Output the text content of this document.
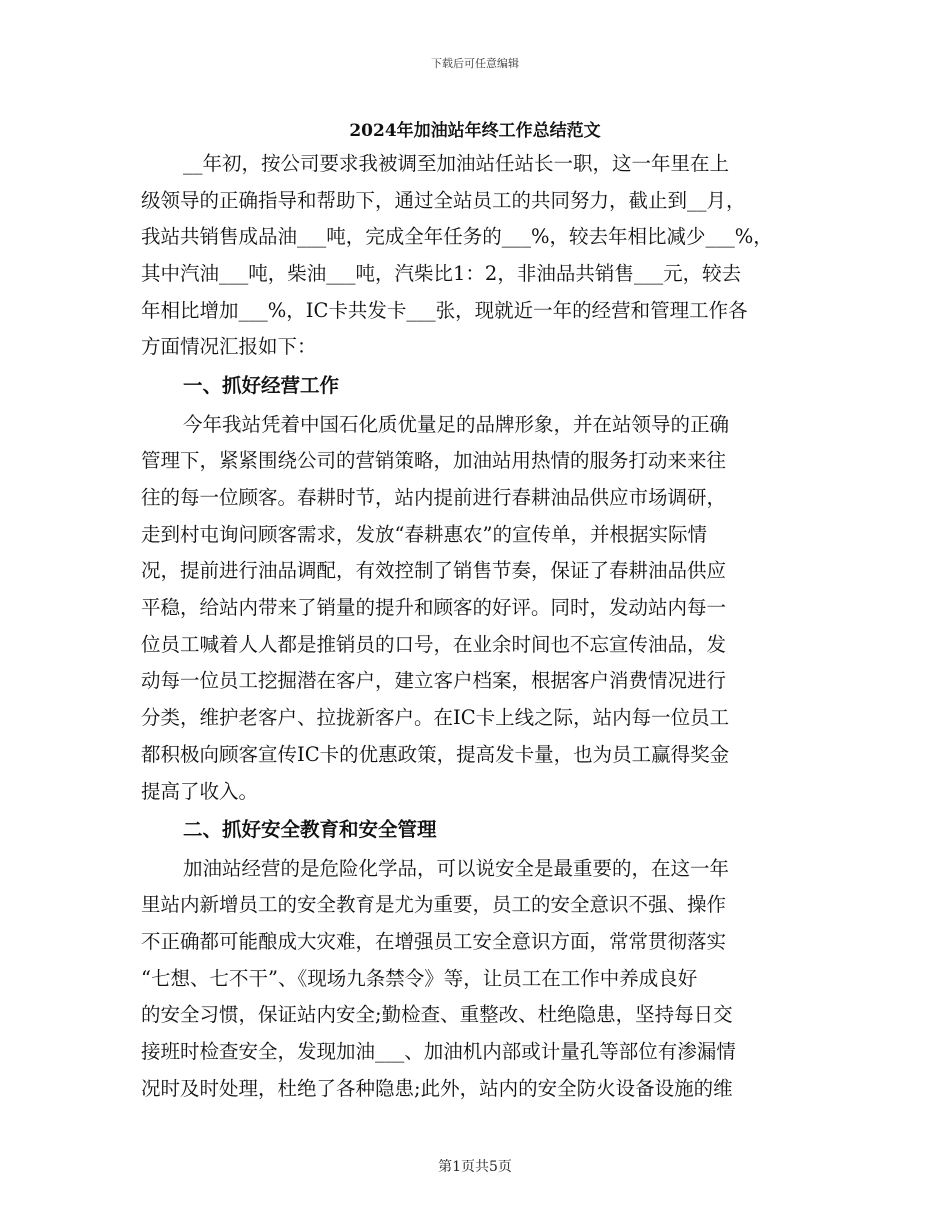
下载后可任意编辑
2024年加油站年终工作总结范文
__年初，按公司要求我被调至加油站任站长一职，这一年里在上
级领导的正确指导和帮助下，通过全站员工的共同努力，截止到__月，
我站共销售成品油___吨，完成全年任务的___%，较去年相比减少___%，
其中汽油___吨，柴油___吨，汽柴比1：2，非油品共销售___元，较去
年相比增加___%，IC卡共发卡___张，现就近一年的经营和管理工作各
方面情况汇报如下：
一、抓好经营工作
今年我站凭着中国石化质优量足的品牌形象，并在站领导的正确
管理下，紧紧围绕公司的营销策略，加油站用热情的服务打动来来往
往的每一位顾客。春耕时节，站内提前进行春耕油品供应市场调研，
走到村屯询问顾客需求，发放“春耕惠农”的宣传单，并根据实际情
况，提前进行油品调配，有效控制了销售节奏，保证了春耕油品供应
平稳，给站内带来了销量的提升和顾客的好评。同时，发动站内每一
位员工喊着人人都是推销员的口号，在业余时间也不忘宣传油品，发
动每一位员工挖掘潜在客户，建立客户档案，根据客户消费情况进行
分类，维护老客户、拉拢新客户。在IC卡上线之际，站内每一位员工
都积极向顾客宣传IC卡的优惠政策，提高发卡量，也为员工赢得奖金
提高了收入。
二、抓好安全教育和安全管理
加油站经营的是危险化学品，可以说安全是最重要的，在这一年
里站内新增员工的安全教育是尤为重要，员工的安全意识不强、操作
不正确都可能酿成大灾难，在增强员工安全意识方面，常常贯彻落实
“七想、七不干”、《现场九条禁令》等，让员工在工作中养成良好
的安全习惯，保证站内安全;勤检查、重整改、杜绝隐患，坚持每日交
接班时检查安全，发现加油___、加油机内部或计量孔等部位有渗漏情
况时及时处理，杜绝了各种隐患;此外，站内的安全防火设备设施的维
第1页共5页
